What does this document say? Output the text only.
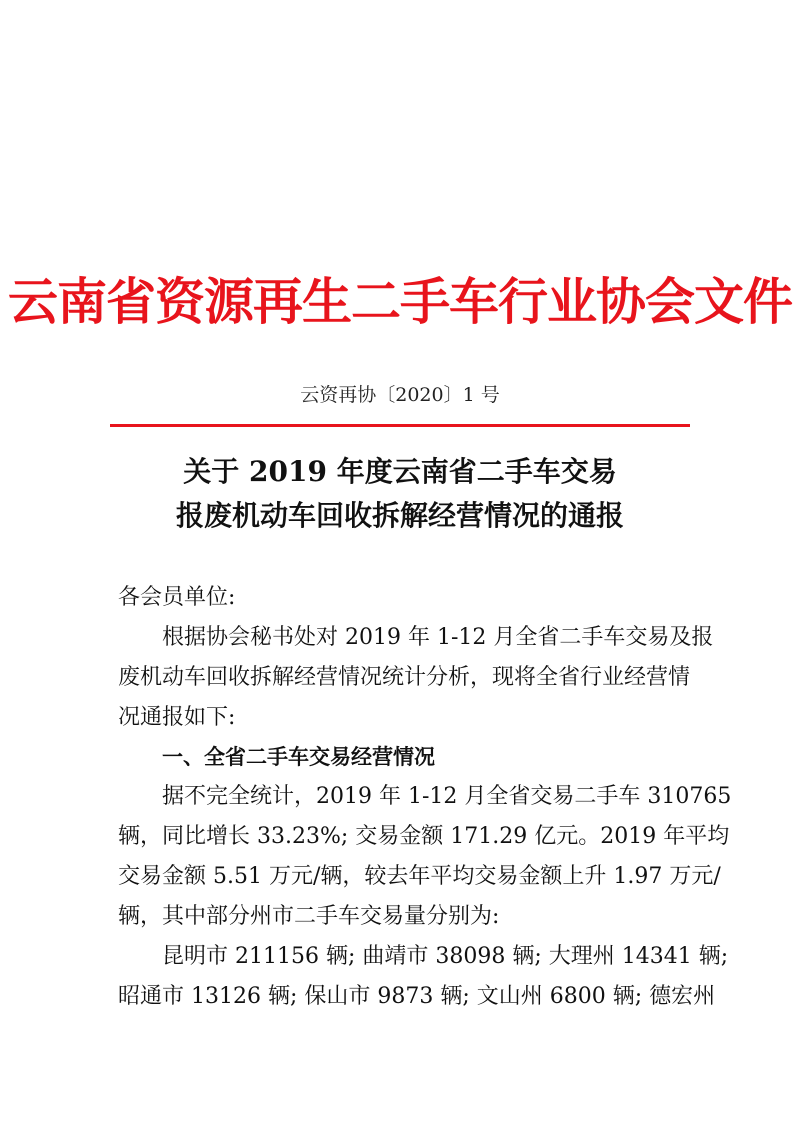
云南省资源再生二手车行业协会文件
云资再协〔2020〕1 号
关于 2019 年度云南省二手车交易
报废机动车回收拆解经营情况的通报
各会员单位:
根据协会秘书处对 2019 年 1-12 月全省二手车交易及报
废机动车回收拆解经营情况统计分析，现将全省行业经营情
况通报如下:
一、全省二手车交易经营情况
据不完全统计，2019 年 1-12 月全省交易二手车 310765
辆，同比增长 33.23%; 交易金额 171.29 亿元。2019 年平均
交易金额 5.51 万元/辆，较去年平均交易金额上升 1.97 万元/
辆，其中部分州市二手车交易量分别为:
昆明市 211156 辆; 曲靖市 38098 辆; 大理州 14341 辆;
昭通市 13126 辆; 保山市 9873 辆; 文山州 6800 辆; 德宏州
